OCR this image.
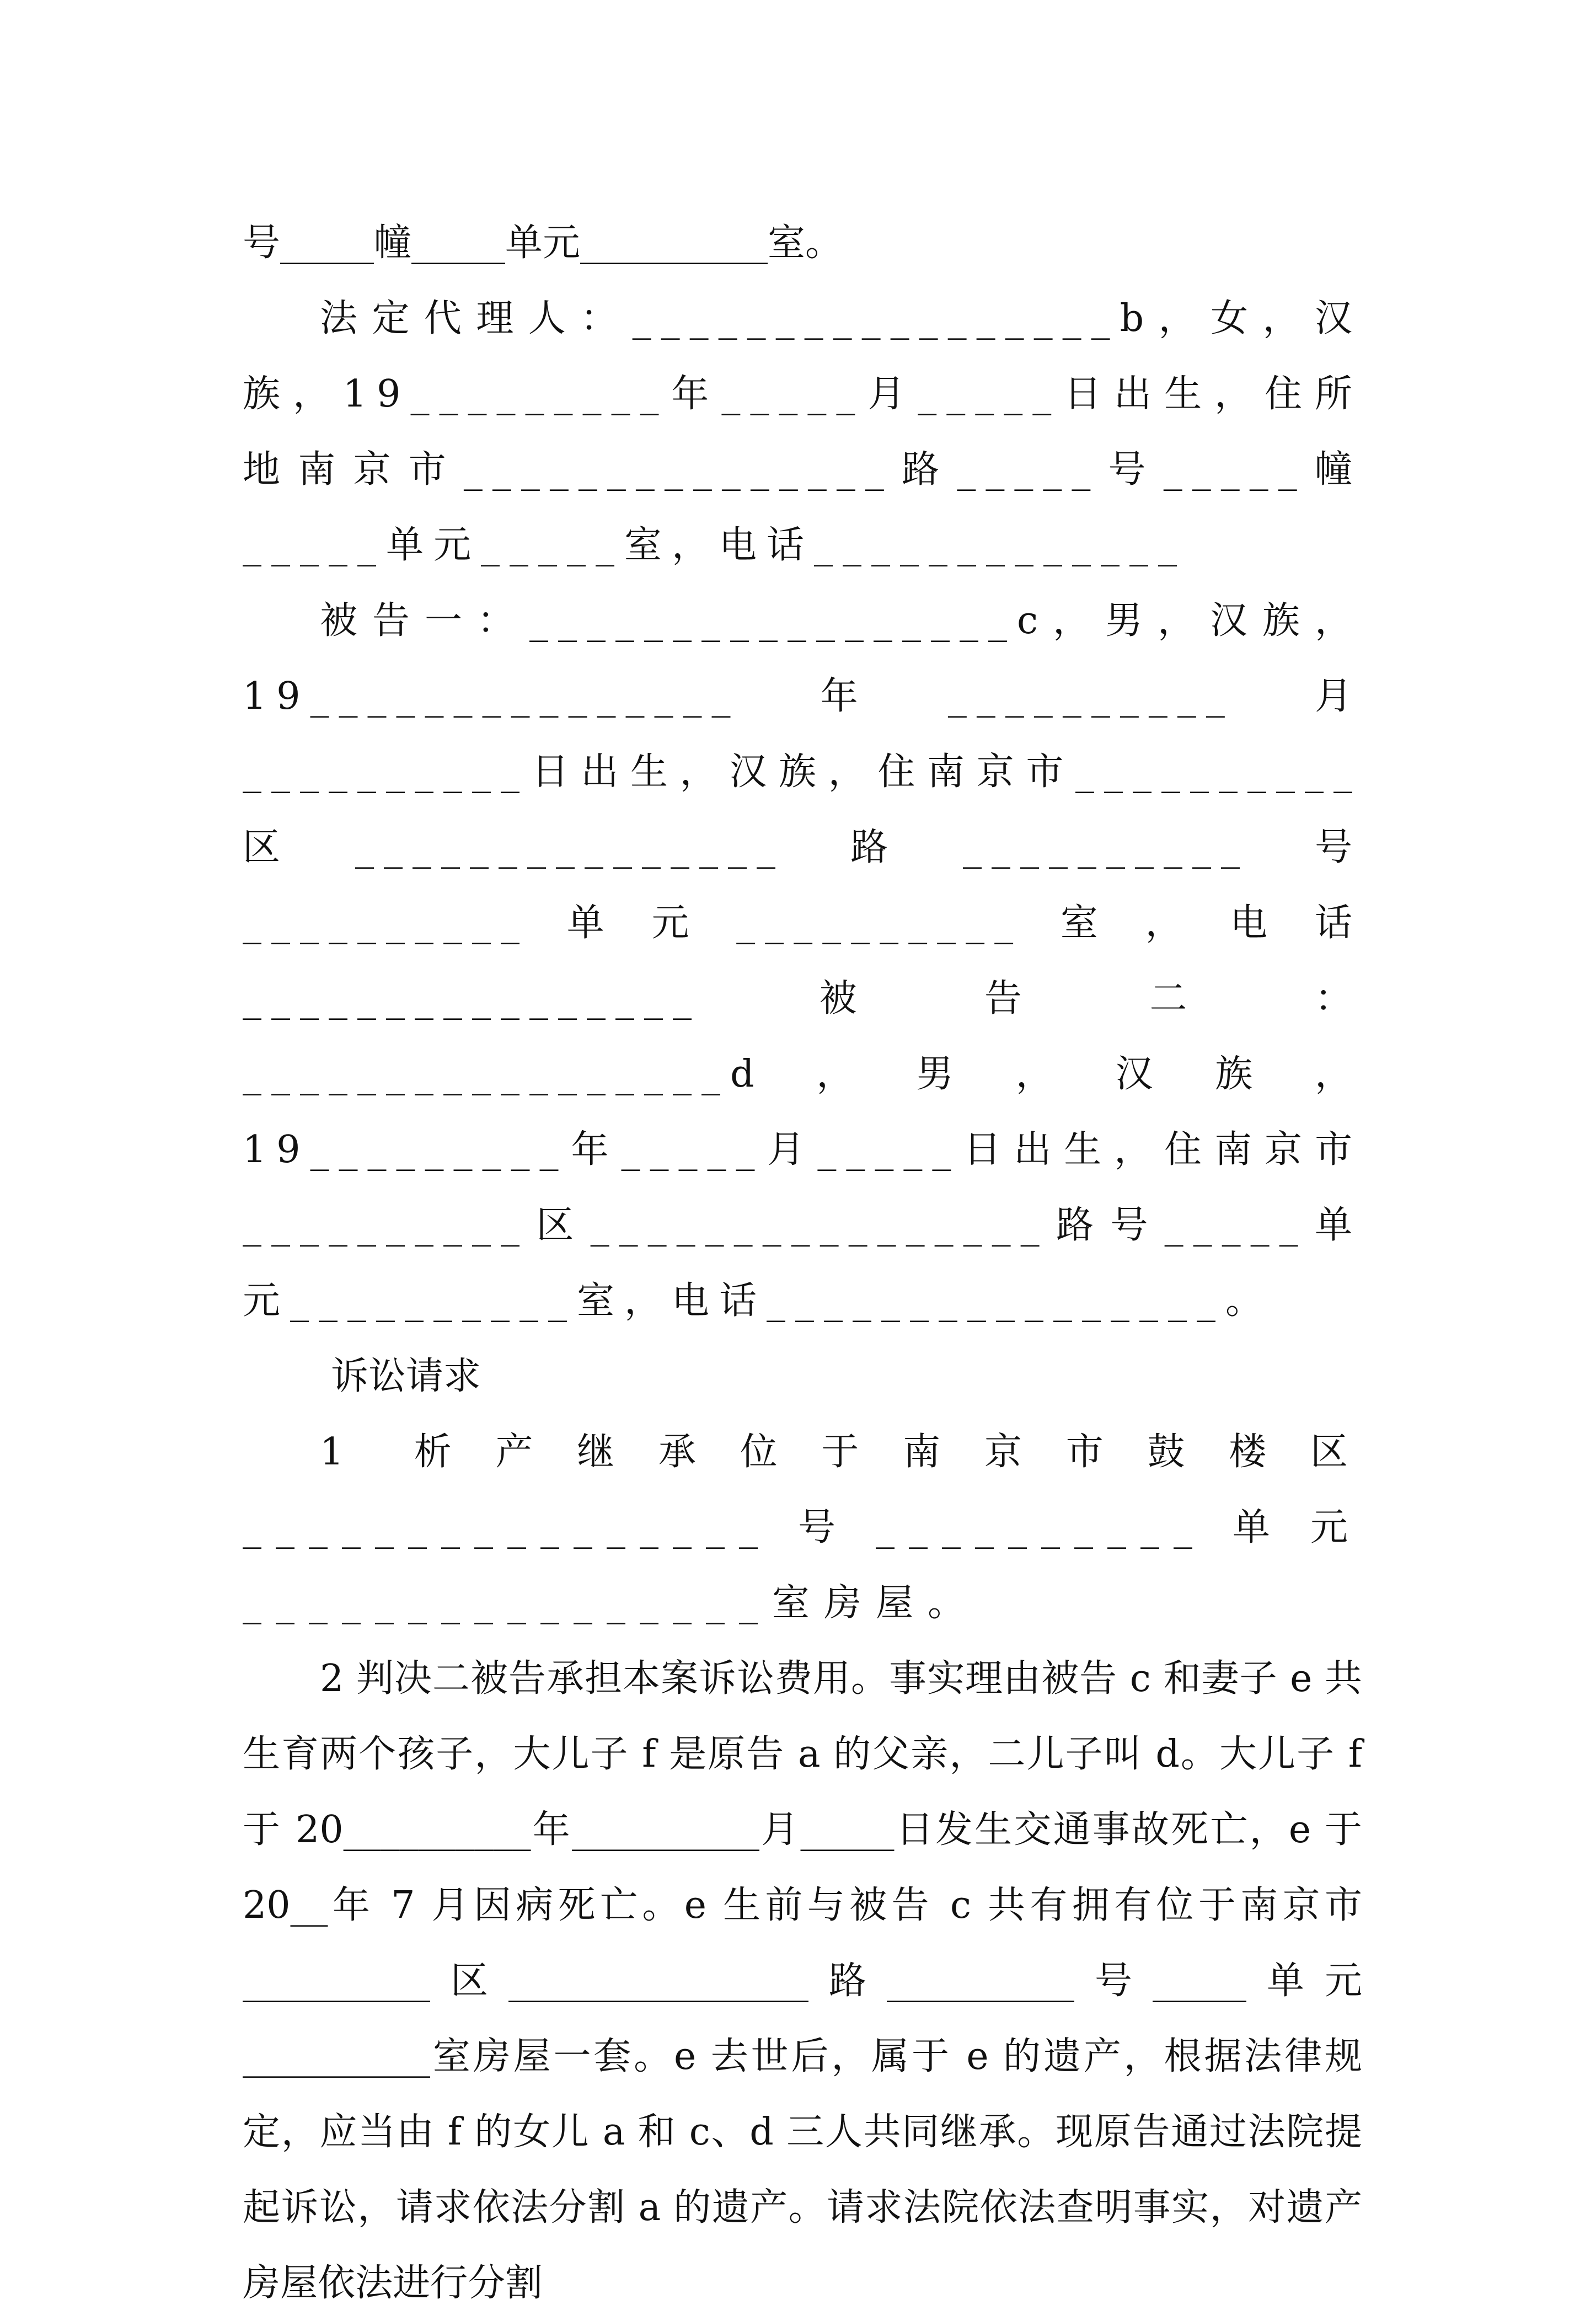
号_____幢_____单元__________室。

法定代理人：_________________b，女，汉族，19_________年_____月_____日出生，住所地南京市_______________路_____号_____幢_____单元_____室，电话_____________

被告一：_________________c，男，汉族，19_______________年__________月__________日出生，汉族，住南京市__________区_______________路__________号__________单元__________室，电话________________被告二：_________________d，男，汉族，19_________年_____月_____日出生，住南京市__________区________________路号_____单元__________室，电话________________。

诉讼请求

1 析产继承位于南京市鼓楼区________________号__________单元________________室房屋。

2 判决二被告承担本案诉讼费用。事实理由被告 c 和妻子 e 共生育两个孩子，大儿子 f 是原告 a 的父亲，二儿子叫 d。大儿子 f 于 20__________年__________月_____日发生交通事故死亡，e 于 20__年 7 月因病死亡。e 生前与被告 c 共有拥有位于南京市__________区________________路__________号_____单元__________室房屋一套。e 去世后，属于 e 的遗产，根据法律规定，应当由 f 的女儿 a 和 c、d 三人共同继承。现原告通过法院提起诉讼，请求依法分割 a 的遗产。请求法院依法查明事实，对遗产房屋依法进行分割
